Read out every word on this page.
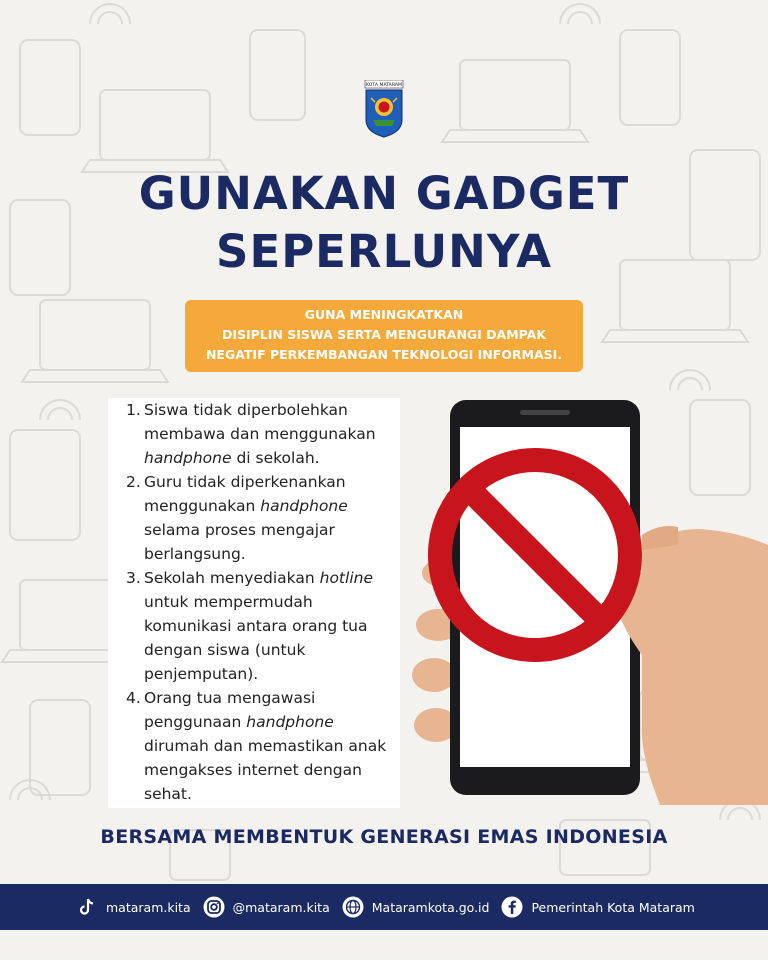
KOTA MATARAM
GUNAKAN GADGET
SEPERLUNYA
GUNA MENINGKATKAN
DISIPLIN SISWA SERTA MENGURANGI DAMPAK
NEGATIF PERKEMBANGAN TEKNOLOGI INFORMASI.
1. Siswa tidak diperbolehkan membawa dan menggunakan handphone di sekolah.
2. Guru tidak diperkenankan menggunakan handphone selama proses mengajar berlangsung.
3. Sekolah menyediakan hotline untuk mempermudah komunikasi antara orang tua dengan siswa (untuk penjemputan).
4. Orang tua mengawasi penggunaan handphone dirumah dan memastikan anak mengakses internet dengan sehat.
BERSAMA MEMBENTUK GENERASI EMAS INDONESIA
mataram.kita	@mataram.kita	Mataramkota.go.id	Pemerintah Kota Mataram
